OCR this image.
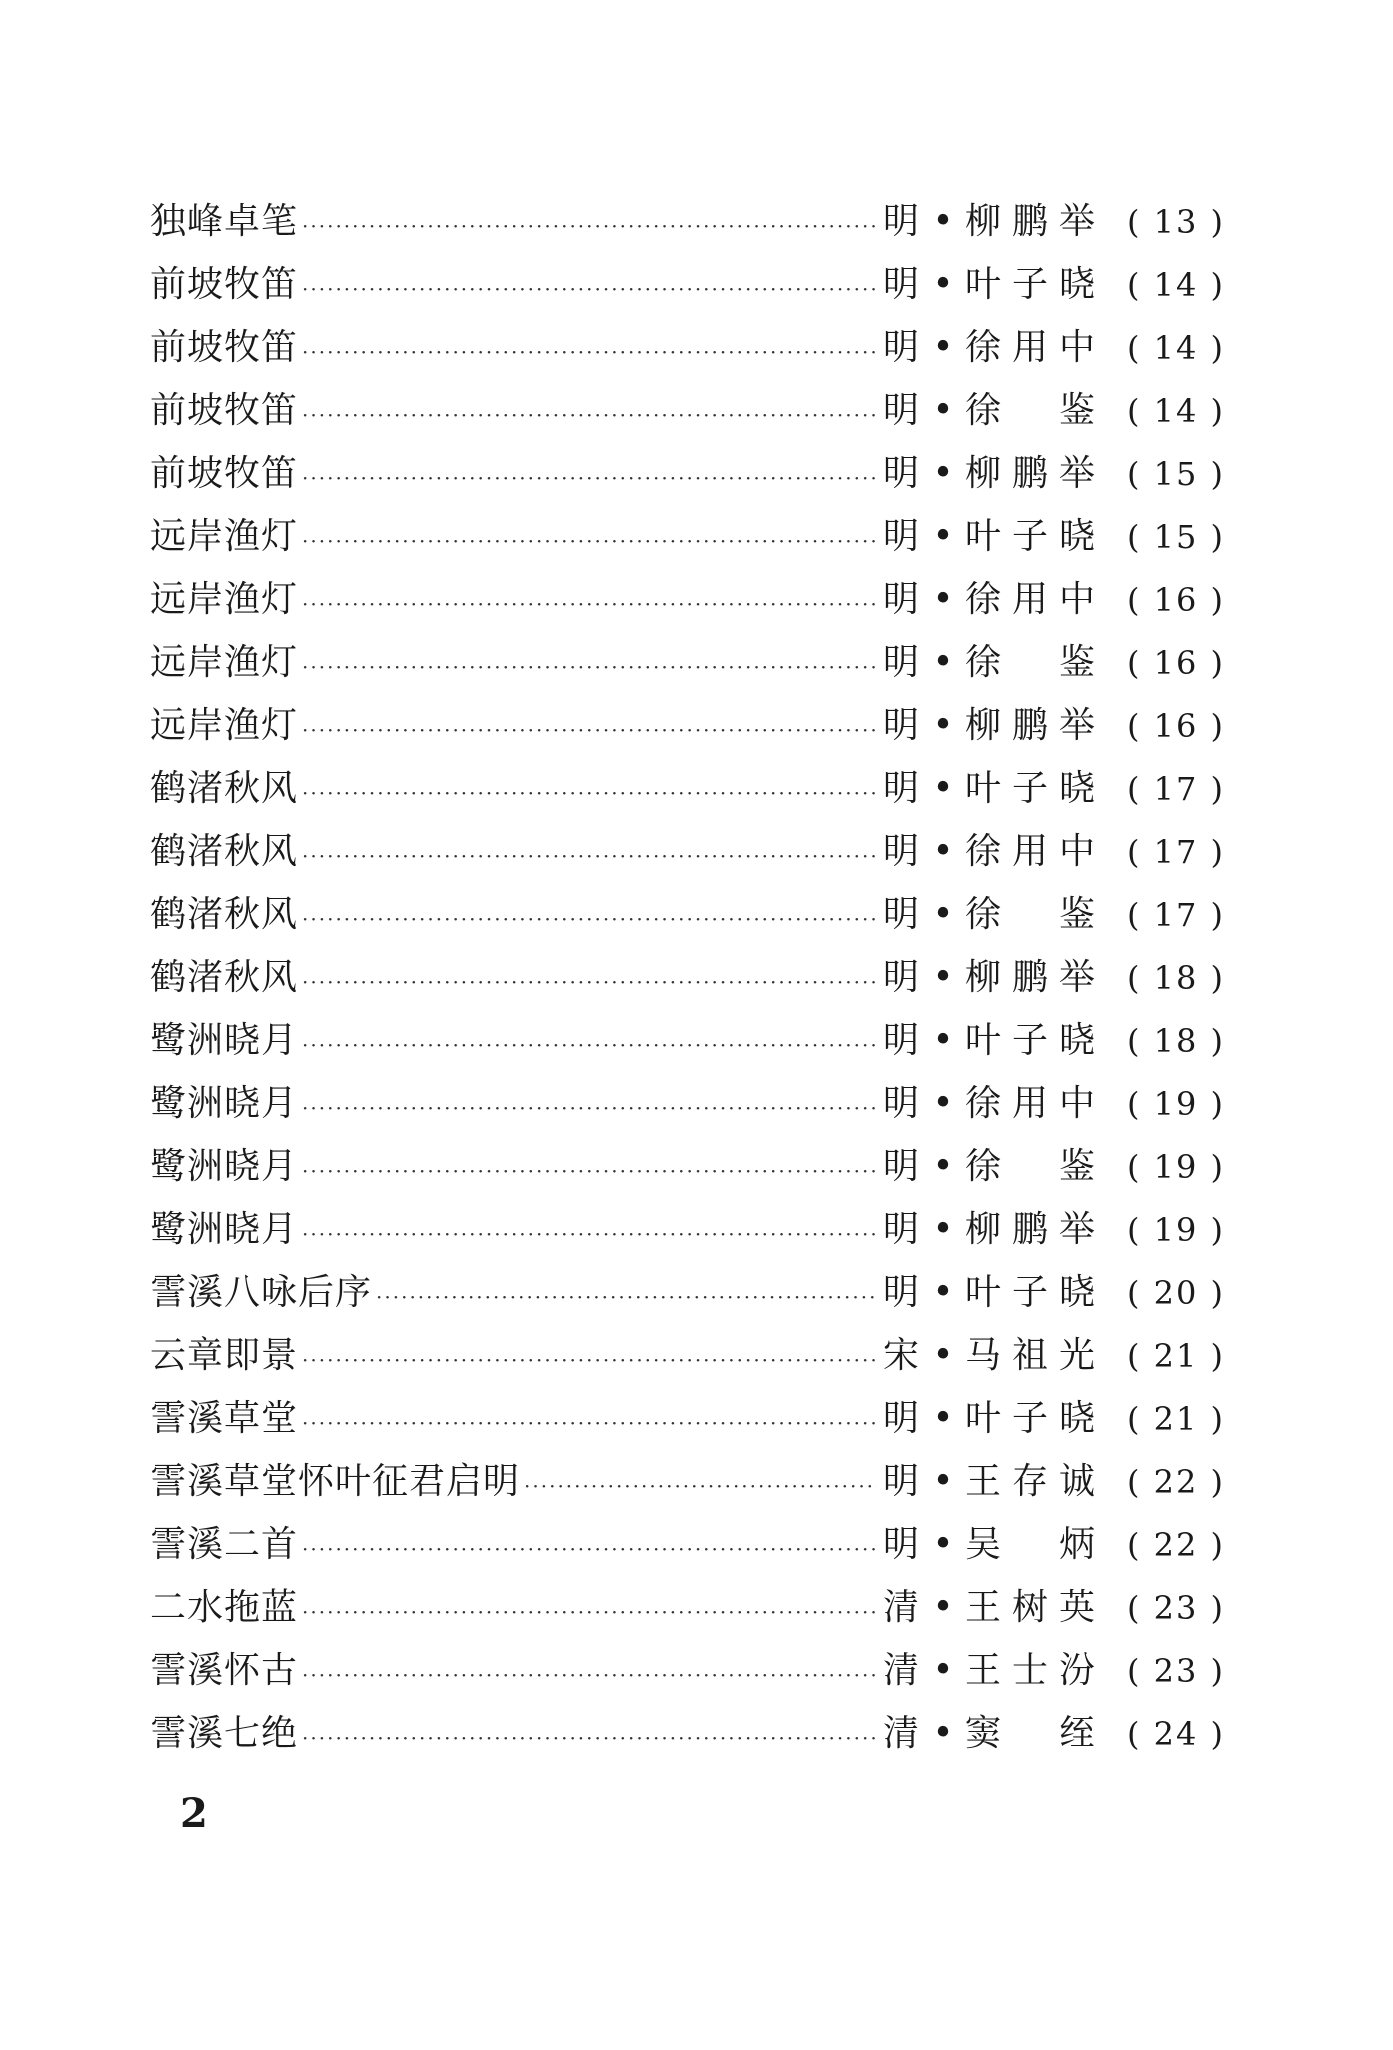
独峰卓笔 ·····	明 • 柳鹏举 ( 13 )
前坡牧笛 ·····	明 • 叶子晓 ( 14 )
前坡牧笛 ·····	明 • 徐用中 ( 14 )
前坡牧笛 ·····	明 • 徐　鉴 ( 14 )
前坡牧笛 ·····	明 • 柳鹏举 ( 15 )
远岸渔灯 ·····	明 • 叶子晓 ( 15 )
远岸渔灯 ·····	明 • 徐用中 ( 16 )
远岸渔灯 ·····	明 • 徐　鉴 ( 16 )
远岸渔灯 ·····	明 • 柳鹏举 ( 16 )
鹤渚秋风 ·····	明 • 叶子晓 ( 17 )
鹤渚秋风 ·····	明 • 徐用中 ( 17 )
鹤渚秋风 ·····	明 • 徐　鉴 ( 17 )
鹤渚秋风 ·····	明 • 柳鹏举 ( 18 )
鹭洲晓月 ·····	明 • 叶子晓 ( 18 )
鹭洲晓月 ·····	明 • 徐用中 ( 19 )
鹭洲晓月 ·····	明 • 徐　鉴 ( 19 )
鹭洲晓月 ·····	明 • 柳鹏举 ( 19 )
霅溪八咏后序 ·····	明 • 叶子晓 ( 20 )
云章即景 ·····	宋 • 马祖光 ( 21 )
霅溪草堂 ·····	明 • 叶子晓 ( 21 )
霅溪草堂怀叶征君启明 ·····	明 • 王存诚 ( 22 )
霅溪二首 ·····	明 • 吴　炳 ( 22 )
二水拖蓝 ·····	清 • 王树英 ( 23 )
霅溪怀古 ·····	清 • 王士汾 ( 23 )
霅溪七绝 ·····	清 • 窦　绖 ( 24 )
2
